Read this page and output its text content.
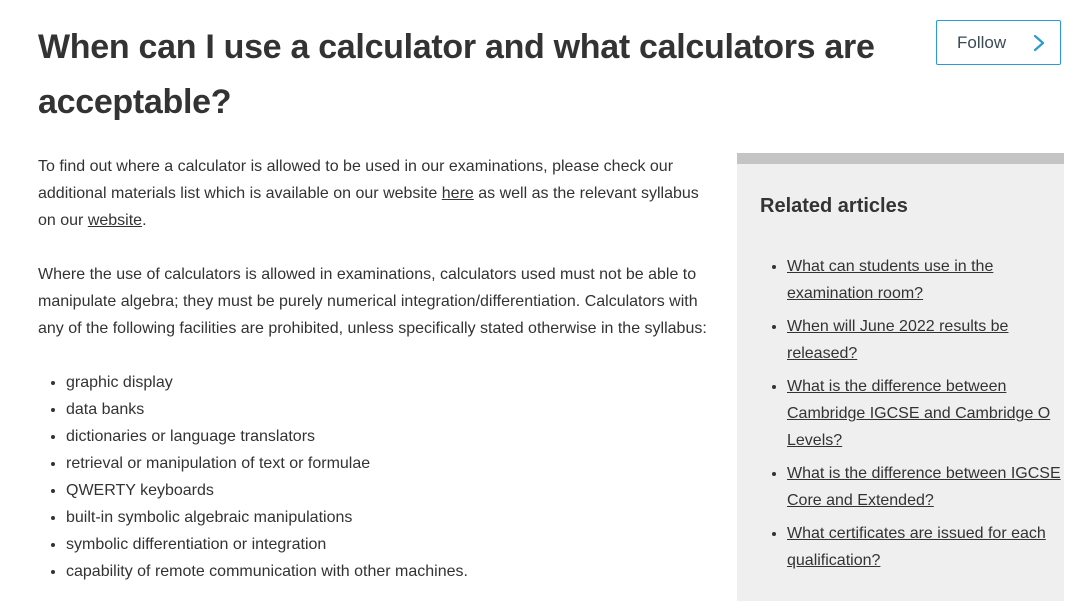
When can I use a calculator and what calculators are acceptable?
Follow

To find out where a calculator is allowed to be used in our examinations, please check our additional materials list which is available on our website here as well as the relevant syllabus on our website.

Where the use of calculators is allowed in examinations, calculators used must not be able to manipulate algebra; they must be purely numerical integration/differentiation. Calculators with any of the following facilities are prohibited, unless specifically stated otherwise in the syllabus:

• graphic display
• data banks
• dictionaries or language translators
• retrieval or manipulation of text or formulae
• QWERTY keyboards
• built-in symbolic algebraic manipulations
• symbolic differentiation or integration
• capability of remote communication with other machines.
Related articles
• What can students use in the examination room?
• When will June 2022 results be released?
• What is the difference between Cambridge IGCSE and Cambridge O Levels?
• What is the difference between IGCSE Core and Extended?
• What certificates are issued for each qualification?
